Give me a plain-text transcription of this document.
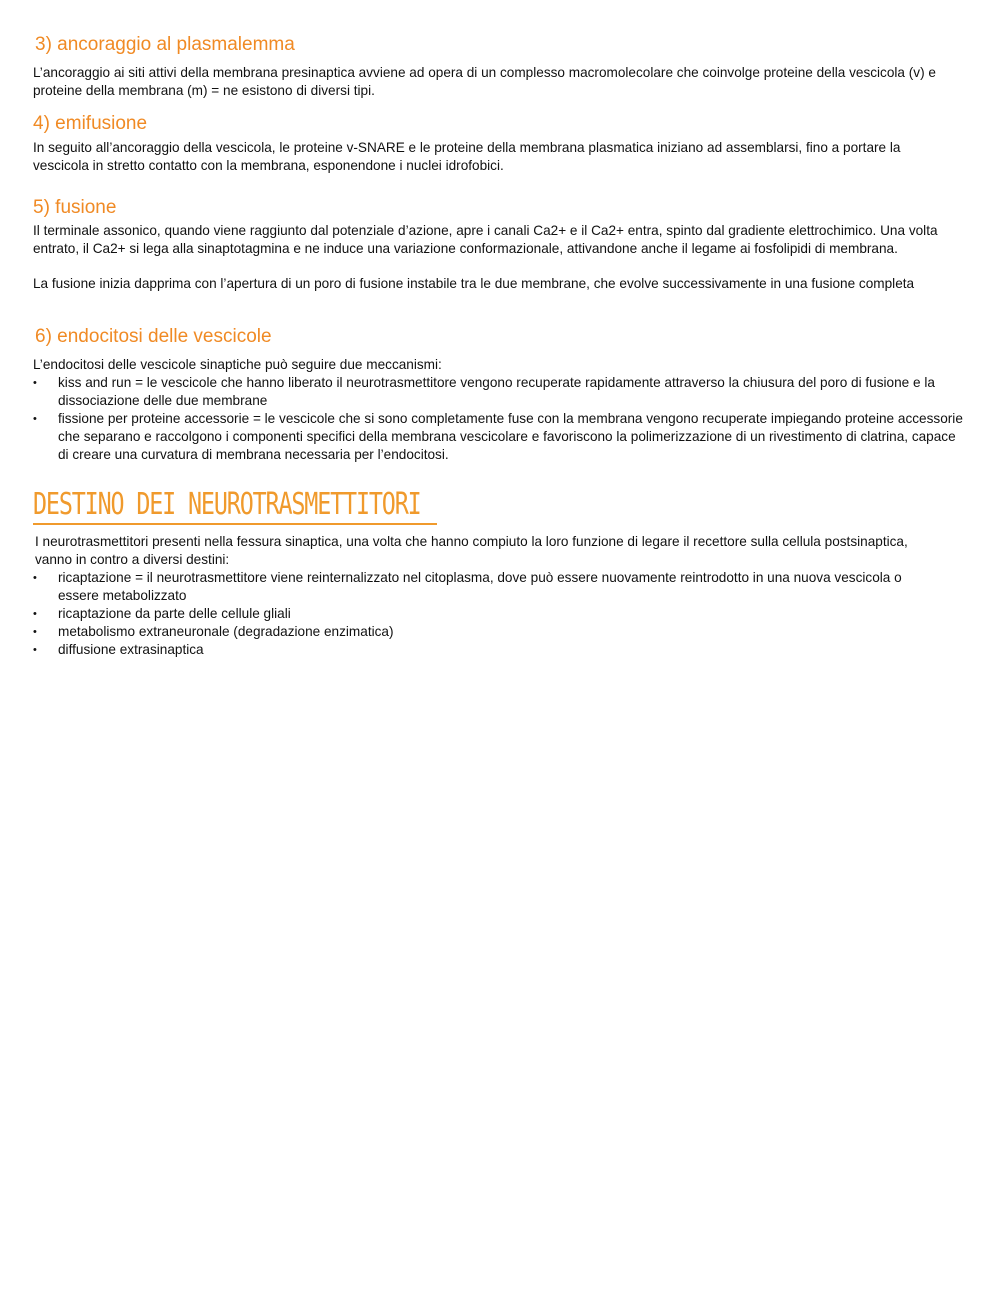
3) ancoraggio al plasmalemma

L’ancoraggio ai siti attivi della membrana presinaptica avviene ad opera di un complesso macromolecolare che coinvolge proteine della vescicola (v) e proteine della membrana (m) = ne esistono di diversi tipi.

4) emifusione

In seguito all’ancoraggio della vescicola, le proteine v-SNARE e le proteine della membrana plasmatica iniziano ad assemblarsi, fino a portare la vescicola in stretto contatto con la membrana, esponendone i nuclei idrofobici.

5) fusione

Il terminale assonico, quando viene raggiunto dal potenziale d’azione, apre i canali Ca2+ e il Ca2+ entra, spinto dal gradiente elettrochimico. Una volta entrato, il Ca2+ si lega alla sinaptotagmina e ne induce una variazione conformazionale, attivandone anche il legame ai fosfolipidi di membrana.

La fusione inizia dapprima con l’apertura di un poro di fusione instabile tra le due membrane, che evolve successivamente in una fusione completa

6) endocitosi delle vescicole

L’endocitosi delle vescicole sinaptiche può seguire due meccanismi:

•	kiss and run = le vescicole che hanno liberato il neurotrasmettitore vengono recuperate rapidamente attraverso la chiusura del poro di fusione e la dissociazione delle due membrane
•	fissione per proteine accessorie = le vescicole che si sono completamente fuse con la membrana vengono recuperate impiegando proteine accessorie che separano e raccolgono i componenti specifici della membrana vescicolare e favoriscono la polimerizzazione di un rivestimento di clatrina, capace di creare una curvatura di membrana necessaria per l’endocitosi.
DESTINO DEI NEUROTRASMETTITORI

I neurotrasmettitori presenti nella fessura sinaptica, una volta che hanno compiuto la loro funzione di legare il recettore sulla cellula postsinaptica, vanno in contro a diversi destini:

•	ricaptazione = il neurotrasmettitore viene reinternalizzato nel citoplasma, dove può essere nuovamente reintrodotto in una nuova vescicola o essere metabolizzato
•	ricaptazione da parte delle cellule gliali
•	metabolismo extraneuronale (degradazione enzimatica)
•	diffusione extrasinaptica
